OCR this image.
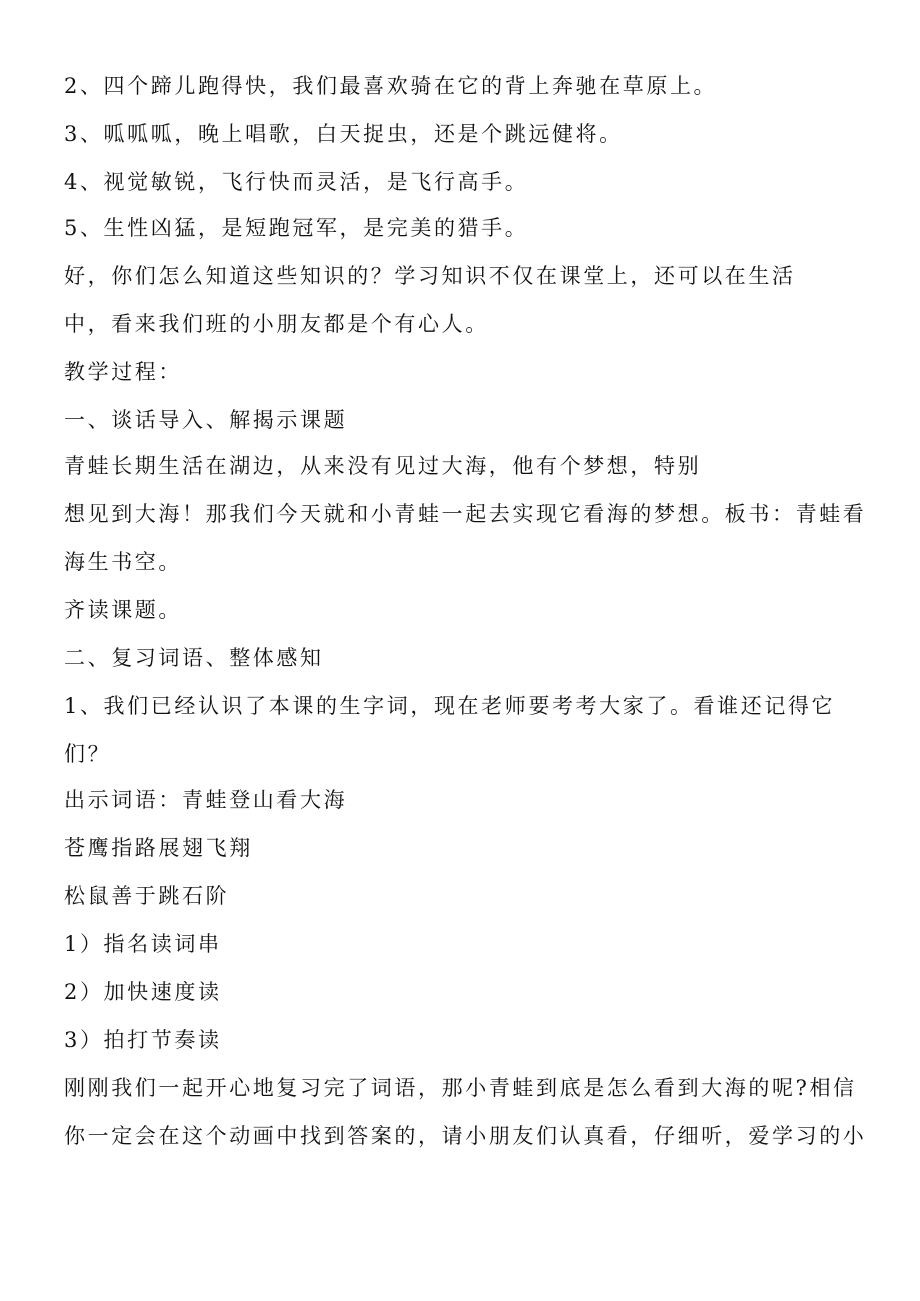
2、四个蹄儿跑得快，我们最喜欢骑在它的背上奔驰在草原上。
3、呱呱呱，晚上唱歌，白天捉虫，还是个跳远健将。
4、视觉敏锐，飞行快而灵活，是飞行高手。
5、生性凶猛，是短跑冠军，是完美的猎手。
好，你们怎么知道这些知识的？学习知识不仅在课堂上，还可以在生活
中，看来我们班的小朋友都是个有心人。
教学过程：
一、谈话导入、解揭示课题
青蛙长期生活在湖边，从来没有见过大海，他有个梦想，特别
想见到大海！那我们今天就和小青蛙一起去实现它看海的梦想。板书：青蛙看
海生书空。
齐读课题。
二、复习词语、整体感知
1、我们已经认识了本课的生字词，现在老师要考考大家了。看谁还记得它
们？
出示词语：青蛙登山看大海
苍鹰指路展翅飞翔
松鼠善于跳石阶
1）指名读词串
2）加快速度读
3）拍打节奏读
刚刚我们一起开心地复习完了词语，那小青蛙到底是怎么看到大海的呢?相信
你一定会在这个动画中找到答案的，请小朋友们认真看，仔细听，爱学习的小
